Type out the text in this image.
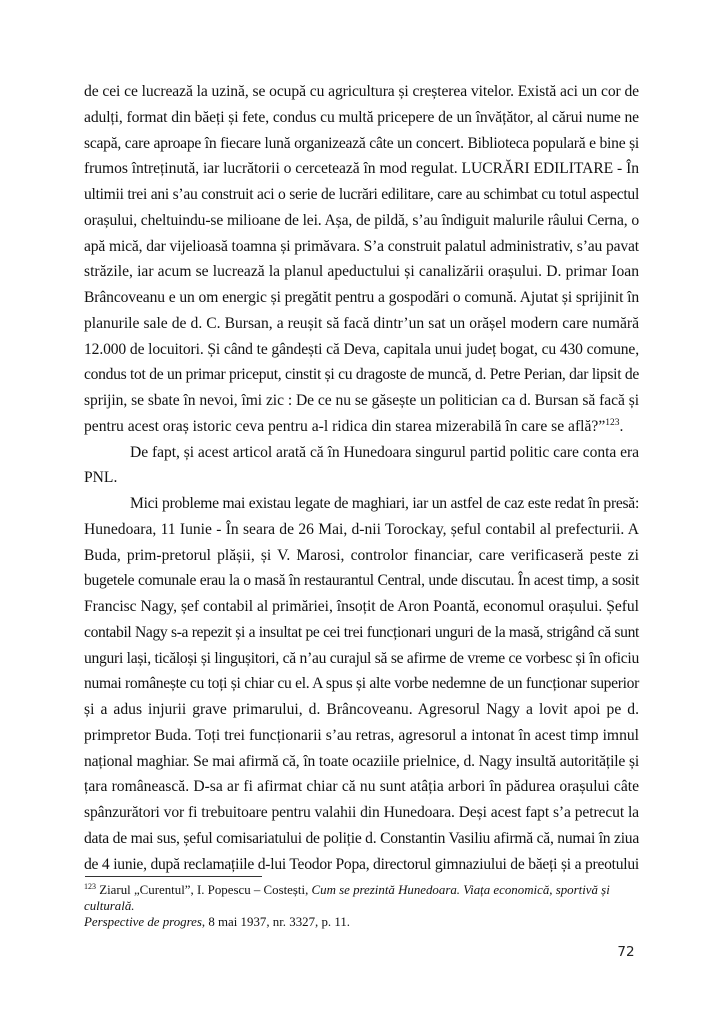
de cei ce lucrează la uzină, se ocupă cu agricultura și creșterea vitelor. Există aci un cor de
adulți, format din băeți și fete, condus cu multă pricepere de un învățător, al cărui nume ne
scapă, care aproape în fiecare lună organizează câte un concert. Biblioteca populară e bine și
frumos întreținută, iar lucrătorii o cercetează în mod regulat. LUCRĂRI EDILITARE - În
ultimii trei ani s’au construit aci o serie de lucrări edilitare, care au schimbat cu totul aspectul
orașului, cheltuindu-se milioane de lei. Așa, de pildă, s’au îndiguit malurile râului Cerna, o
apă mică, dar vijelioasă toamna și primăvara. S’a construit palatul administrativ, s’au pavat
străzile, iar acum se lucrează la planul apeductului și canalizării orașului. D. primar Ioan
Brâncoveanu e un om energic și pregătit pentru a gospodări o comună. Ajutat și sprijinit în
planurile sale de d. C. Bursan, a reușit să facă dintr’un sat un orășel modern care numără
12.000 de locuitori. Și când te gândești că Deva, capitala unui județ bogat, cu 430 comune,
condus tot de un primar priceput, cinstit și cu dragoste de muncă, d. Petre Perian, dar lipsit de
sprijin, se sbate în nevoi, îmi zic : De ce nu se găsește un politician ca d. Bursan să facă și
pentru acest oraș istoric ceva pentru a-l ridica din starea mizerabilă în care se află?”$^{123}$.

De fapt, și acest articol arată că în Hunedoara singurul partid politic care conta era
PNL.

Mici probleme mai existau legate de maghiari, iar un astfel de caz este redat în presă:
Hunedoara, 11 Iunie - În seara de 26 Mai, d-nii Torockay, șeful contabil al prefecturii. A
Buda, prim-pretorul plășii, și V. Marosi, controlor financiar, care verificaseră peste zi
bugetele comunale erau la o masă în restaurantul Central, unde discutau. În acest timp, a sosit
Francisc Nagy, șef contabil al primăriei, însoțit de Aron Poantă, economul orașului. Șeful
contabil Nagy s-a repezit și a insultat pe cei trei funcționari unguri de la masă, strigând că sunt
unguri lași, ticăloși și lingușitori, că n’au curajul să se afirme de vreme ce vorbesc și în oficiu
numai românește cu toți și chiar cu el. A spus și alte vorbe nedemne de un funcționar superior
și a adus injurii grave primarului, d. Brâncoveanu. Agresorul Nagy a lovit apoi pe d.
primpretor Buda. Toți trei funcționarii s’au retras, agresorul a intonat în acest timp imnul
național maghiar. Se mai afirmă că, în toate ocaziile prielnice, d. Nagy insultă autoritățile și
țara românească. D-sa ar fi afirmat chiar că nu sunt atâția arbori în pădurea orașului câte
spânzurători vor fi trebuitoare pentru valahii din Hunedoara. Deși acest fapt s’a petrecut la
data de mai sus, șeful comisariatului de poliție d. Constantin Vasiliu afirmă că, numai în ziua
de 4 iunie, după reclamațiile d-lui Teodor Popa, directorul gimnaziului de băeți și a preotului

$^{123}$ Ziarul „Curentul”, I. Popescu – Costești, Cum se prezintă Hunedoara. Viața economică, sportivă și culturală.
Perspective de progres, 8 mai 1937, nr. 3327, p. 11.
72
